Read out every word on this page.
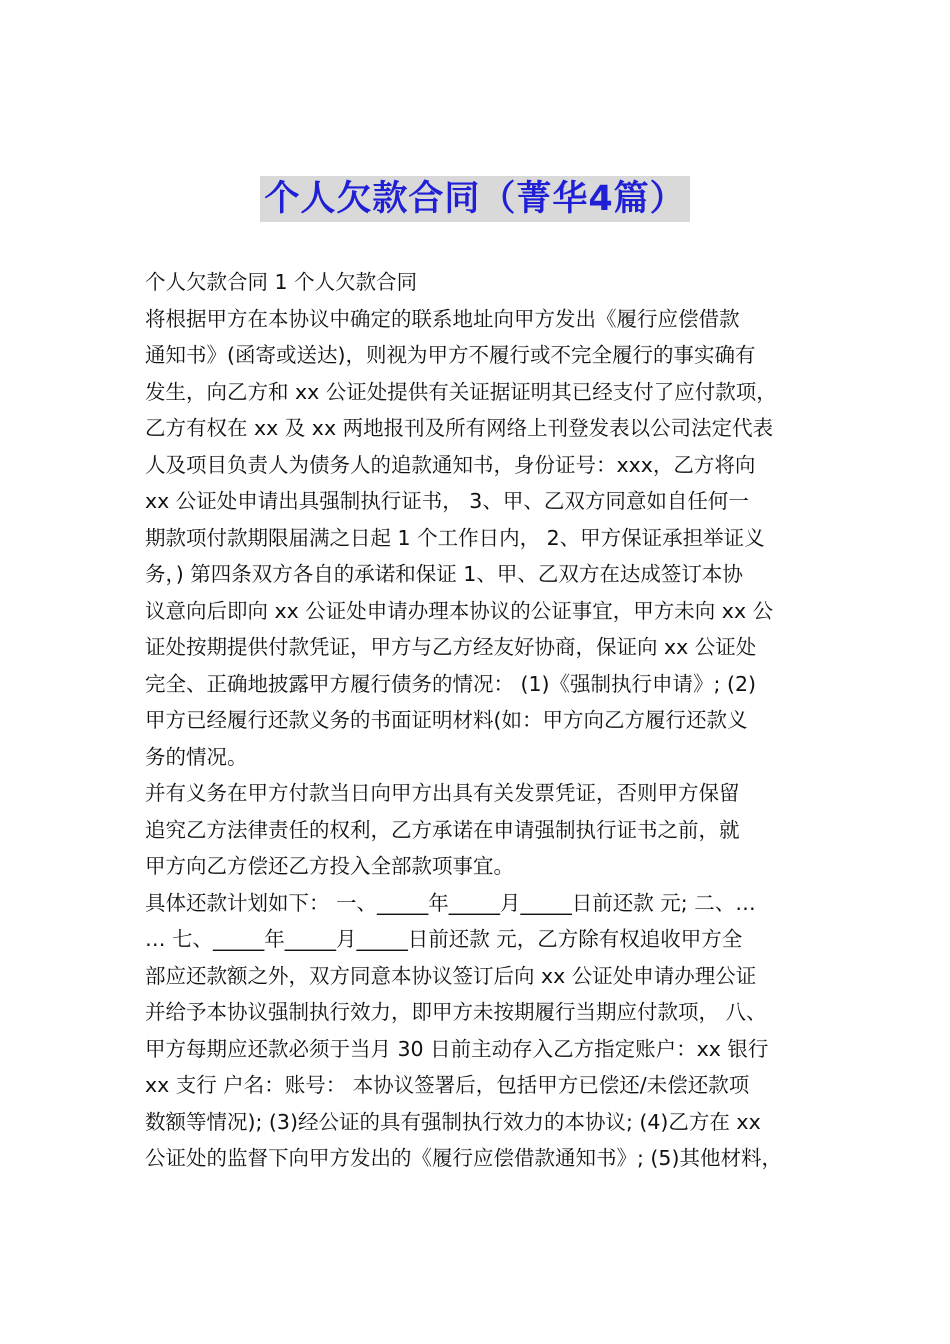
个人欠款合同（菁华4篇）
个人欠款合同 1 个人欠款合同
将根据甲方在本协议中确定的联系地址向甲方发出《履行应偿借款
通知书》(函寄或送达)，则视为甲方不履行或不完全履行的事实确有
发生，向乙方和 xx 公证处提供有关证据证明其已经支付了应付款项，
乙方有权在 xx 及 xx 两地报刊及所有网络上刊登发表以公司法定代表
人及项目负责人为债务人的追款通知书，身份证号：xxx，乙方将向
xx 公证处申请出具强制执行证书， 3、甲、乙双方同意如自任何一
期款项付款期限届满之日起 1 个工作日内， 2、甲方保证承担举证义
务，) 第四条双方各自的承诺和保证 1、甲、乙双方在达成签订本协
议意向后即向 xx 公证处申请办理本协议的公证事宜，甲方未向 xx 公
证处按期提供付款凭证，甲方与乙方经友好协商，保证向 xx 公证处
完全、正确地披露甲方履行债务的情况： (1)《强制执行申请》; (2)
甲方已经履行还款义务的书面证明材料(如：甲方向乙方履行还款义
务的情况。
并有义务在甲方付款当日向甲方出具有关发票凭证，否则甲方保留
追究乙方法律责任的权利，乙方承诺在申请强制执行证书之前，就
甲方向乙方偿还乙方投入全部款项事宜。
具体还款计划如下： 一、_____年_____月_____日前还款 元; 二、…
… 七、_____年_____月_____日前还款 元，乙方除有权追收甲方全
部应还款额之外，双方同意本协议签订后向 xx 公证处申请办理公证
并给予本协议强制执行效力，即甲方未按期履行当期应付款项， 八、
甲方每期应还款必须于当月 30 日前主动存入乙方指定账户：xx 银行
xx 支行 户名：账号： 本协议签署后，包括甲方已偿还/未偿还款项
数额等情况); (3)经公证的具有强制执行效力的本协议; (4)乙方在 xx
公证处的监督下向甲方发出的《履行应偿借款通知书》; (5)其他材料，
